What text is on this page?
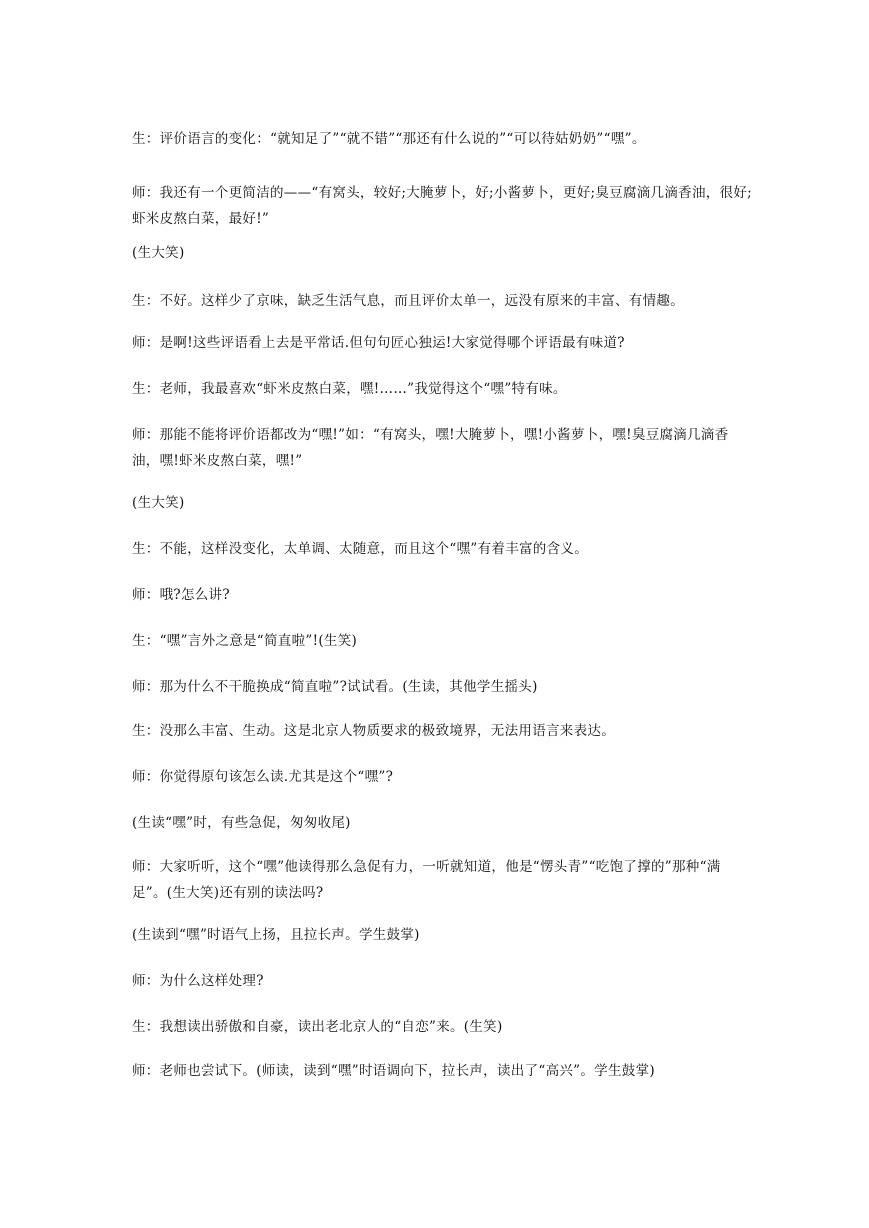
生：评价语言的变化：“就知足了”“就不错”“那还有什么说的”“可以待姑奶奶”“嘿”。

师：我还有一个更简洁的——“有窝头，较好;大腌萝卜，好;小酱萝卜，更好;臭豆腐滴几滴香油，很好;虾米皮熬白菜，最好!”

(生大笑)

生：不好。这样少了京味，缺乏生活气息，而且评价太单一，远没有原来的丰富、有情趣。

师：是啊!这些评语看上去是平常话.但句句匠心独运!大家觉得哪个评语最有味道?

生：老师，我最喜欢“虾米皮熬白菜，嘿!……”我觉得这个“嘿”特有味。

师：那能不能将评价语都改为“嘿!”如：“有窝头，嘿!大腌萝卜，嘿!小酱萝卜，嘿!臭豆腐滴几滴香油，嘿!虾米皮熬白菜，嘿!”

(生大笑)

生：不能，这样没变化，太单调、太随意，而且这个“嘿”有着丰富的含义。

师：哦?怎么讲?

生：“嘿”言外之意是“简直啦”!(生笑)

师：那为什么不干脆换成“简直啦”?试试看。(生读，其他学生摇头)

生：没那么丰富、生动。这是北京人物质要求的极致境界，无法用语言来表达。

师：你觉得原句该怎么读.尤其是这个“嘿”?

(生读“嘿”时，有些急促，匆匆收尾)

师：大家听听，这个“嘿”他读得那么急促有力，一听就知道，他是“愣头青”“吃饱了撑的”那种“满足”。(生大笑)还有别的读法吗?

(生读到“嘿”时语气上扬，且拉长声。学生鼓掌)

师：为什么这样处理?

生：我想读出骄傲和自豪，读出老北京人的“自恋”来。(生笑)

师：老师也尝试下。(师读，读到“嘿”时语调向下，拉长声，读出了“高兴”。学生鼓掌)
